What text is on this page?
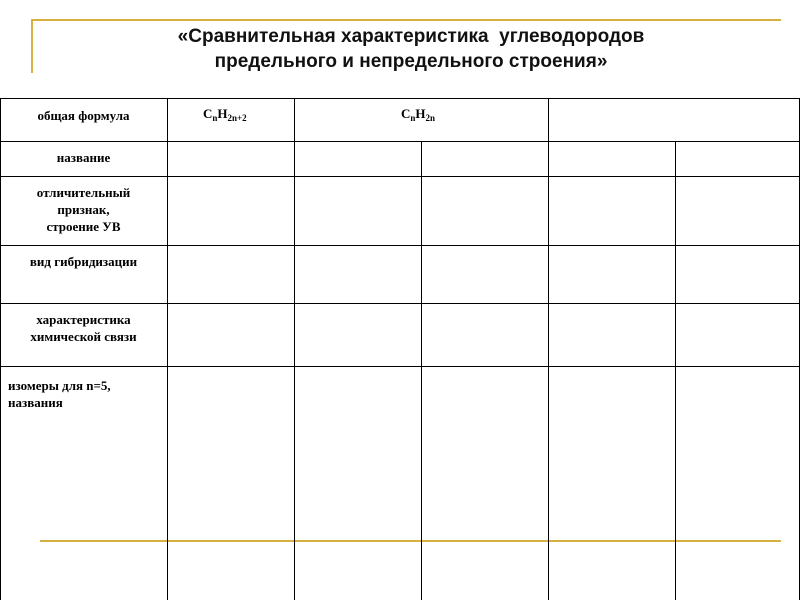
«Сравнительная характеристика  углеводородов
предельного и непредельного строения»
общая формула
название
отличительный
признак,
строение УВ
вид гибридизации
характеристика
химической связи
изомеры для n=5,
названия
$C_nH_{2n+2}$	$C_nH_{2n}$
